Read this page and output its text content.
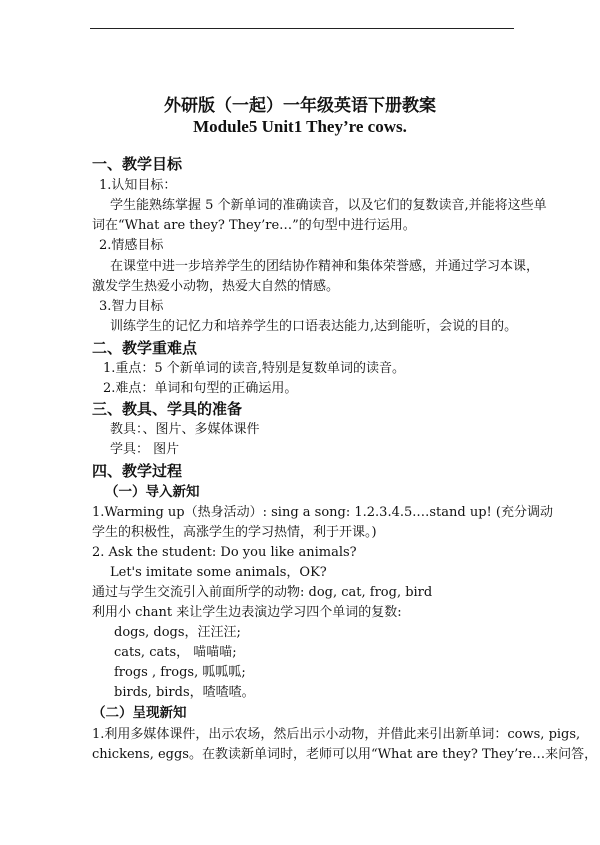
外研版（一起）一年级英语下册教案
Module5 Unit1 They’re cows.
一、教学目标
1.认知目标：
学生能熟练掌握 5 个新单词的准确读音，以及它们的复数读音,并能将这些单
词在“What are they? They’re…”的句型中进行运用。
2.情感目标
在课堂中进一步培养学生的团结协作精神和集体荣誉感，并通过学习本课，
激发学生热爱小动物，热爱大自然的情感。
3.智力目标
训练学生的记忆力和培养学生的口语表达能力,达到能听，会说的目的。
二、教学重难点
1.重点：5 个新单词的读音,特别是复数单词的读音。
2.难点：单词和句型的正确运用。
三、教具、学具的准备
教具：、图片、多媒体课件
学具： 图片
四、教学过程
（一）导入新知
1.Warming up（热身活动）: sing a song: 1.2.3.4.5.…stand up! (充分调动
学生的积极性，高涨学生的学习热情，利于开课。)
2. Ask the student: Do you like animals?
Let's imitate some animals，OK?
通过与学生交流引入前面所学的动物: dog, cat, frog, bird
利用小 chant 来让学生边表演边学习四个单词的复数:
dogs, dogs，汪汪汪;
cats, cats， 喵喵喵;
frogs , frogs, 呱呱呱;
birds, birds，喳喳喳。
（二）呈现新知
1.利用多媒体课件，出示农场，然后出示小动物，并借此来引出新单词：cows, pigs,
chickens, eggs。在教读新单词时，老师可以用“What are they? They’re…来问答，
